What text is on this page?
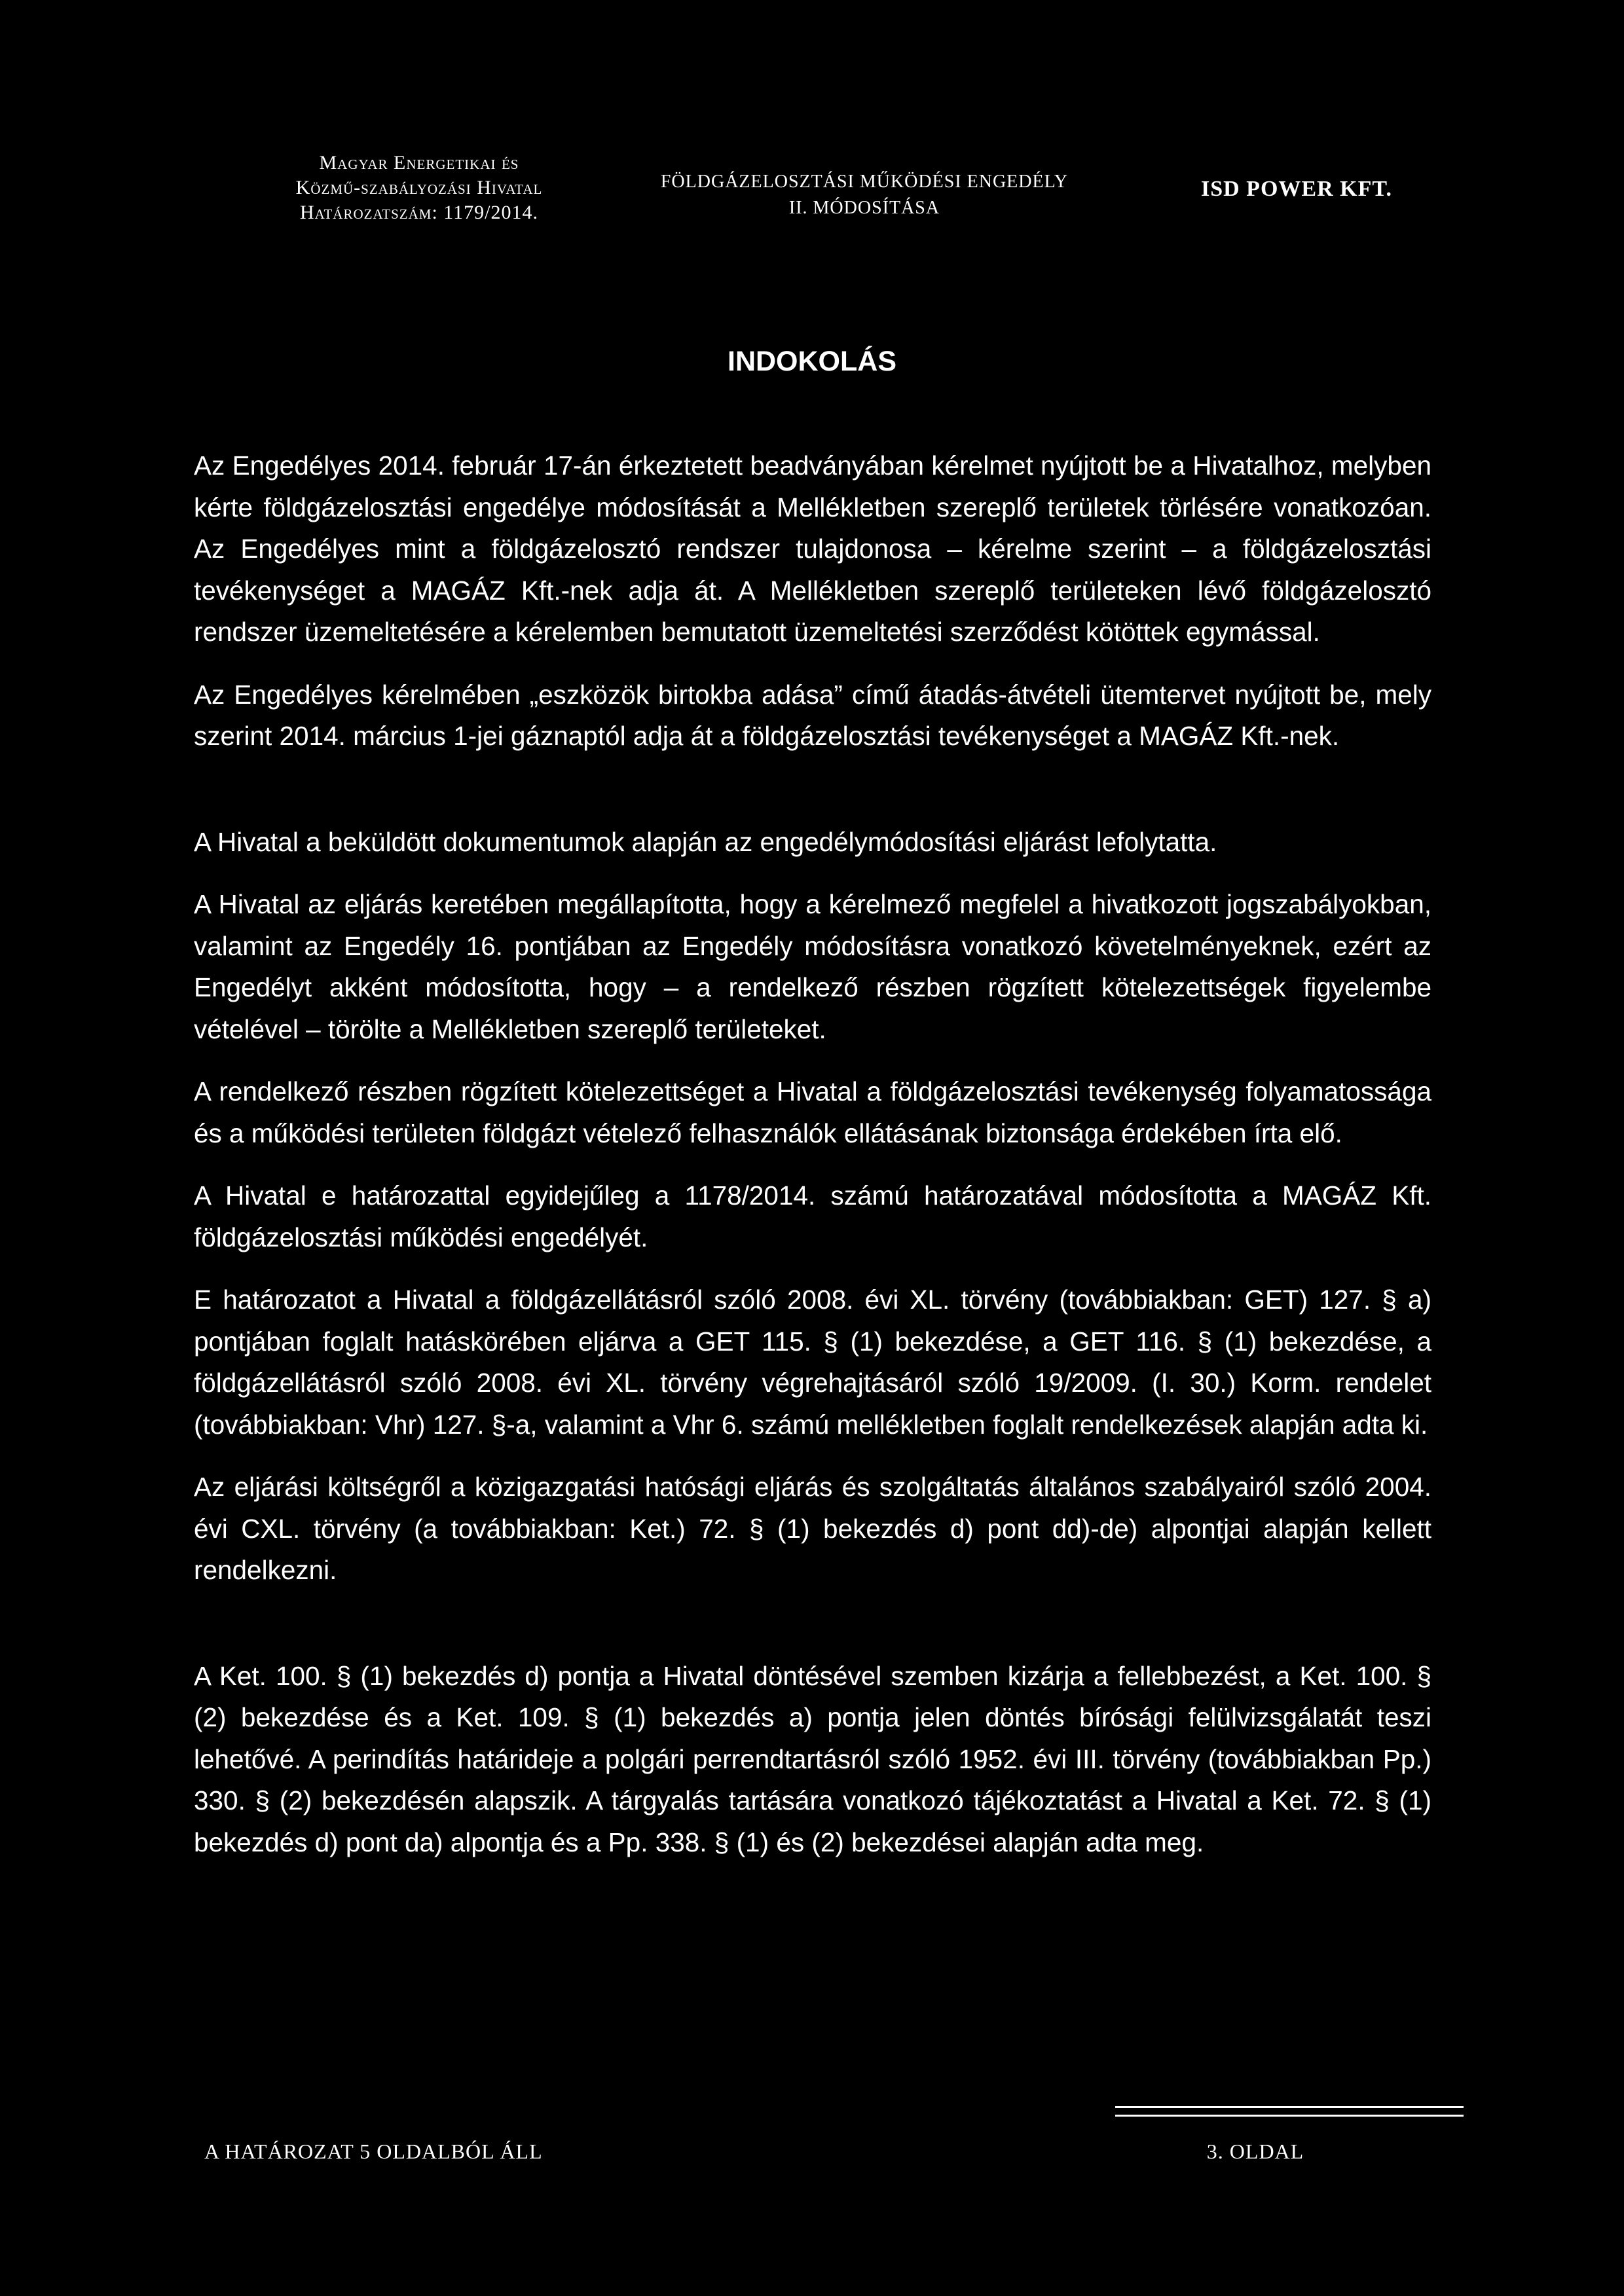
Magyar Energetikai és
Közmű-szabályozási Hivatal
Határozatszám: 1179/2014.
FÖLDGÁZELOSZTÁSI MŰKÖDÉSI ENGEDÉLY
II. MÓDOSÍTÁSA
ISD POWER KFT.
INDOKOLÁS

Az Engedélyes 2014. február 17-án érkeztetett beadványában kérelmet nyújtott be a Hivatalhoz, melyben kérte földgázelosztási engedélye módosítását a Mellékletben szereplő területek törlésére vonatkozóan. Az Engedélyes mint a földgázelosztó rendszer tulajdonosa – kérelme szerint – a földgázelosztási tevékenységet a MAGÁZ Kft.-nek adja át. A Mellékletben szereplő területeken lévő földgázelosztó rendszer üzemeltetésére a kérelemben bemutatott üzemeltetési szerződést kötöttek egymással.

Az Engedélyes kérelmében „eszközök birtokba adása” című átadás-átvételi ütemtervet nyújtott be, mely szerint 2014. március 1-jei gáznaptól adja át a földgázelosztási tevékenységet a MAGÁZ Kft.-nek.

A Hivatal a beküldött dokumentumok alapján az engedélymódosítási eljárást lefolytatta.

A Hivatal az eljárás keretében megállapította, hogy a kérelmező megfelel a hivatkozott jogszabályokban, valamint az Engedély 16. pontjában az Engedély módosításra vonatkozó követelményeknek, ezért az Engedélyt akként módosította, hogy – a rendelkező részben rögzített kötelezettségek figyelembe vételével – törölte a Mellékletben szereplő területeket.

A rendelkező részben rögzített kötelezettséget a Hivatal a földgázelosztási tevékenység folyamatossága és a működési területen földgázt vételező felhasználók ellátásának biztonsága érdekében írta elő.

A Hivatal e határozattal egyidejűleg a 1178/2014. számú határozatával módosította a MAGÁZ Kft. földgázelosztási működési engedélyét.

E határozatot a Hivatal a földgázellátásról szóló 2008. évi XL. törvény (továbbiakban: GET) 127. § a) pontjában foglalt hatáskörében eljárva a GET 115. § (1) bekezdése, a GET 116. § (1) bekezdése, a földgázellátásról szóló 2008. évi XL. törvény végrehajtásáról szóló 19/2009. (I. 30.) Korm. rendelet (továbbiakban: Vhr) 127. §-a, valamint a Vhr 6. számú mellékletben foglalt rendelkezések alapján adta ki.

Az eljárási költségről a közigazgatási hatósági eljárás és szolgáltatás általános szabályairól szóló 2004. évi CXL. törvény (a továbbiakban: Ket.) 72. § (1) bekezdés d) pont dd)-de) alpontjai alapján kellett rendelkezni.

A Ket. 100. § (1) bekezdés d) pontja a Hivatal döntésével szemben kizárja a fellebbezést, a Ket. 100. § (2) bekezdése és a Ket. 109. § (1) bekezdés a) pontja jelen döntés bírósági felülvizsgálatát teszi lehetővé. A perindítás határideje a polgári perrendtartásról szóló 1952. évi III. törvény (továbbiakban Pp.) 330. § (2) bekezdésén alapszik. A tárgyalás tartására vonatkozó tájékoztatást a Hivatal a Ket. 72. § (1) bekezdés d) pont da) alpontja és a Pp. 338. § (1) és (2) bekezdései alapján adta meg.

A HATÁROZAT 5 OLDALBÓL ÁLL	3. OLDAL
